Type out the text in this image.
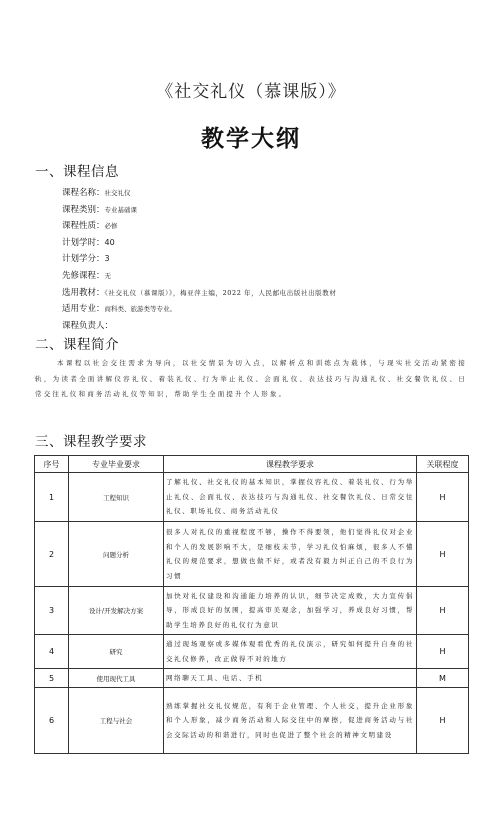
《社交礼仪（慕课版）》
教学大纲
一、课程信息
课程名称：社交礼仪
课程类别：专业基础课
课程性质：必修
计划学时：40
计划学分：3
先修课程：无
选用教材：《社交礼仪（慕课版）》，梅亚萍主编，2022 年，人民邮电出版社出版教材
适用专业：商科类、旅游类等专业。
课程负责人：
二、课程简介
本课程以社会交往需求为导向，以社交情景为切入点，以解析点和训练点为载体，与现实社交活动紧密接轨，为读者全面讲解仪容礼仪、着装礼仪、行为举止礼仪、会面礼仪、表达技巧与沟通礼仪、社交餐饮礼仪、日常交往礼仪和商务活动礼仪等知识，帮助学生全面提升个人形象。
三、课程教学要求
序号	专业毕业要求	课程教学要求	关联程度
1	工程知识	了解礼仪、社交礼仪的基本知识，掌握仪容礼仪、着装礼仪、行为举止礼仪、会面礼仪、表达技巧与沟通礼仪、社交餐饮礼仪、日常交往礼仪、职场礼仪、商务活动礼仪	H
2	问题分析	很多人对礼仪的重视程度不够，操作不得要领，他们觉得礼仪对企业和个人的发展影响不大，是细枝末节，学习礼仪怕麻烦，很多人不懂礼仪的规范要求，想做也做不好，或者没有毅力纠正自己的不良行为习惯	H
3	设计/开发解决方案	加快对礼仪建设和沟通能力培养的认识，细节决定成败，大力宣传倡导，形成良好的氛围，提高审美观念，加强学习，养成良好习惯，帮助学生培养良好的礼仪行为意识	H
4	研究	通过现场观察或多媒体观看优秀的礼仪演示，研究如何提升自身的社交礼仪修养，改正做得不对的地方	H
5	使用现代工具	网络聊天工具、电话、手机	M
6	工程与社会	熟练掌握社交礼仪规范，有利于企业管理、个人社交，提升企业形象和个人形象，减少商务活动和人际交往中的摩擦，促进商务活动与社会交际活动的和谐进行，同时也促进了整个社会的精神文明建设	H
